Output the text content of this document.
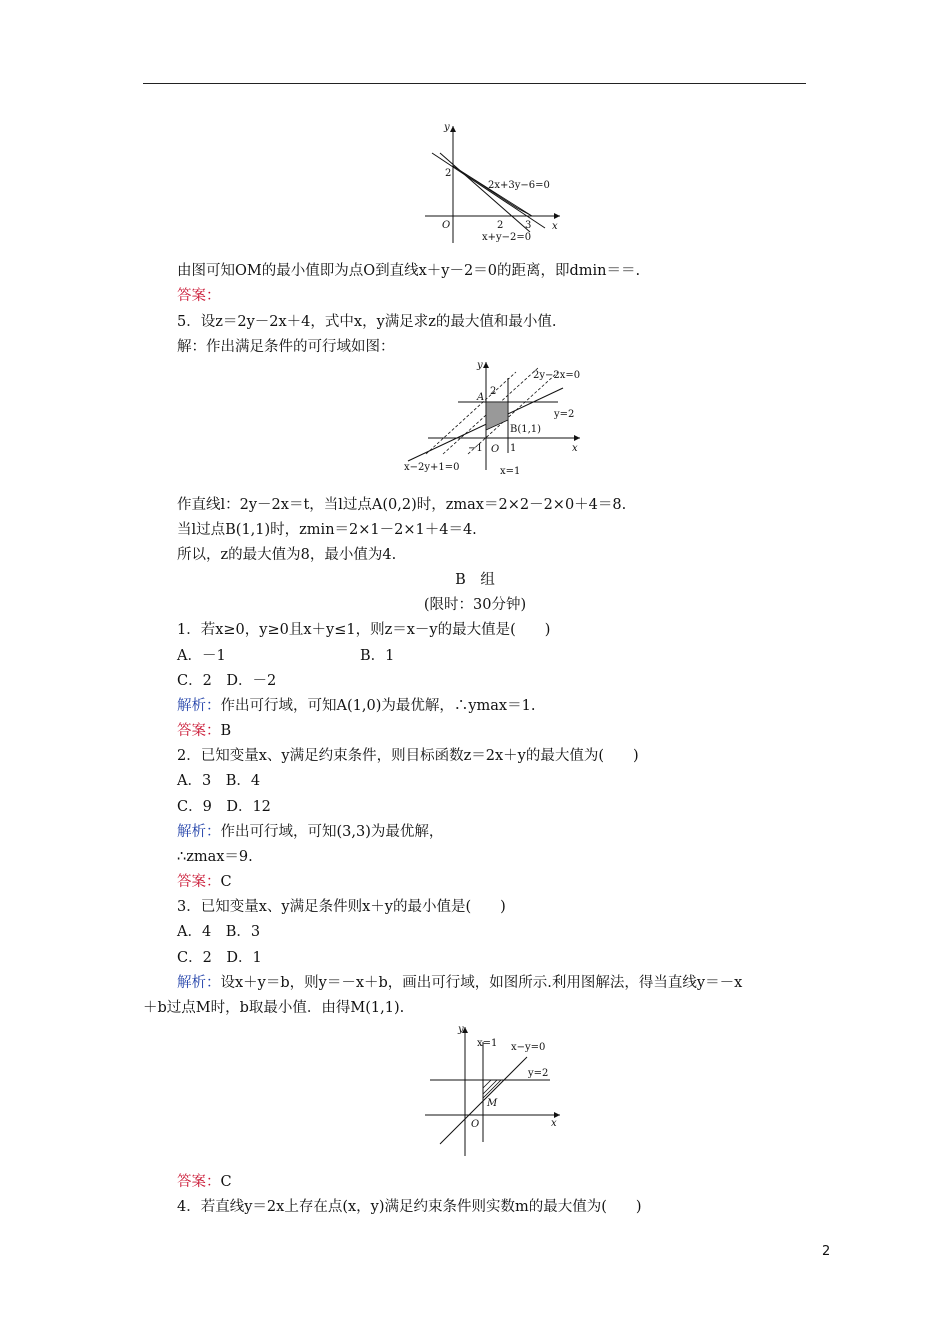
y
x
O
2
2 3
2x+3y−6=0
x+y−2=0
由图可知OM的最小值即为点O到直线x＋y－2＝0的距离，即dmin＝＝.
答案：
5．设z＝2y－2x＋4，式中x，y满足求z的最大值和最小值.
解：作出满足条件的可行域如图：
y
x
O
2
−1	1
A
B(1,1)
2y−2x=0
y=2
x−2y+1=0	x=1
作直线l：2y－2x＝t，当l过点A(0,2)时，zmax＝2×2－2×0＋4＝8.
当l过点B(1,1)时，zmin＝2×1－2×1＋4＝4.
所以，z的最大值为8，最小值为4.
B　组
(限时：30分钟)
1．若x≥0，y≥0且x＋y≤1，则z＝x－y的最大值是(　　)
A．－1	B．1
C．2　D．－2
解析：作出可行域，可知A(1,0)为最优解，∴ymax＝1.
答案：B
2．已知变量x、y满足约束条件，则目标函数z＝2x＋y的最大值为(　　)
A．3　B．4
C．9　D．12
解析：作出可行域，可知(3,3)为最优解，
∴zmax＝9.
答案：C
3．已知变量x、y满足条件则x＋y的最小值是(　　)
A．4　B．3
C．2　D．1
解析：设x＋y＝b，则y＝－x＋b，画出可行域，如图所示.利用图解法，得当直线y＝－x
＋b过点M时，b取最小值．由得M(1,1).
y
x
O
M
x=1 x−y=0
y=2
答案：C
4．若直线y＝2x上存在点(x，y)满足约束条件则实数m的最大值为(　　)
2
